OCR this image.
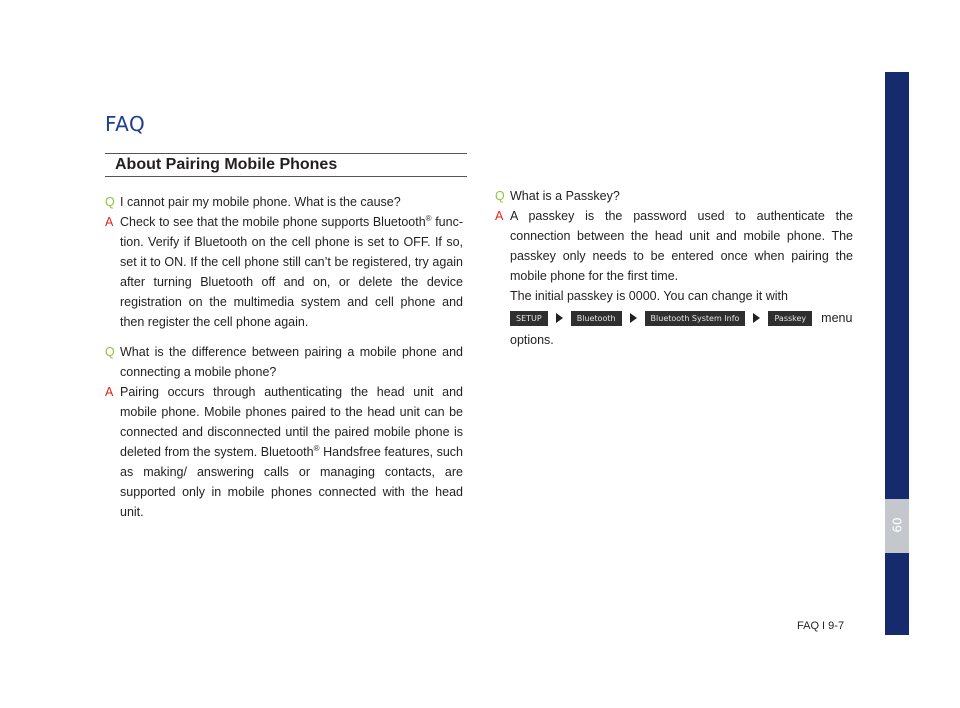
FAQ
About Pairing Mobile Phones
Q I cannot pair my mobile phone. What is the cause?
A Check to see that the mobile phone supports Bluetooth® func-tion. Verify if Bluetooth on the cell phone is set to OFF. If so, set it to ON. If the cell phone still can’t be registered, try again after turning Bluetooth off and on, or delete the device registration on the multimedia system and cell phone and then register the cell phone again.
Q What is the difference between pairing a mobile phone and connecting a mobile phone?
A Pairing occurs through authenticating the head unit and mobile phone. Mobile phones paired to the head unit can be connected and disconnected until the paired mobile phone is deleted from the system. Bluetooth® Handsfree features, such as making/ answering calls or managing contacts, are supported only in mobile phones connected with the head unit.
Q What is a Passkey?
A A passkey is the password used to authenticate the connection between the head unit and mobile phone. The passkey only needs to be entered once when pairing the mobile phone for the first time.
The initial passkey is 0000. You can change it with
SETUP	Bluetooth	Bluetooth System Info	Passkey	menu
options.
09
FAQ I 9-7
